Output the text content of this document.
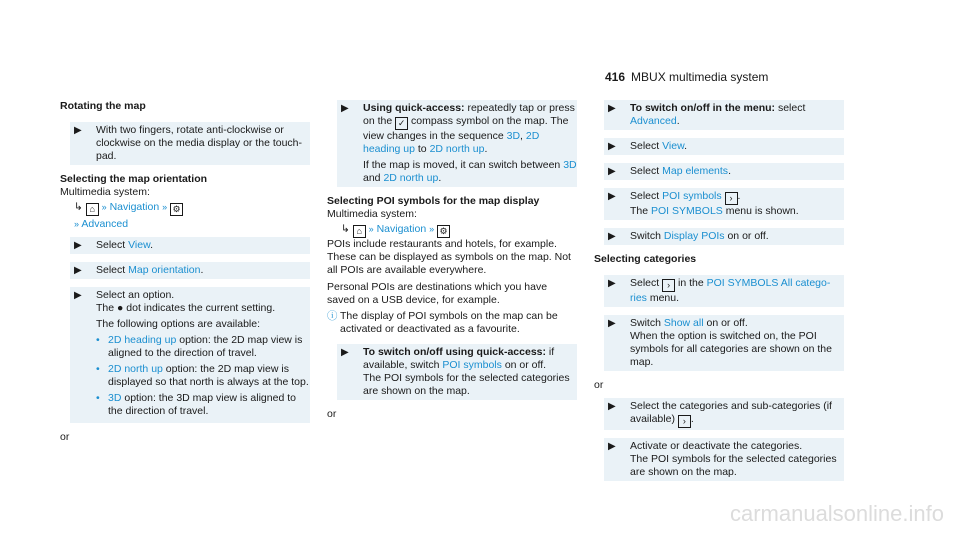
416 MBUX multimedia system

Rotating the map

▶ With two fingers, rotate anti-clockwise or clockwise on the media display or the touch-pad.

Selecting the map orientation

Multimedia system:

↳ ⌂ » Navigation » ⚙

» Advanced

▶ Select View.
▶ Select Map orientation.
▶ Select an option.

The ● dot indicates the current setting.

The following options are available:

• 2D heading up option: the 2D map view is aligned to the direction of travel.
• 2D north up option: the 2D map view is displayed so that north is always at the top.
• 3D option: the 3D map view is aligned to the direction of travel.

or

▶ Using quick-access: repeatedly tap or press on the ✓ compass symbol on the map. The view changes in the sequence 3D, 2D heading up to 2D north up.

If the map is moved, it can switch between 3D and 2D north up.

Selecting POI symbols for the map display

Multimedia system:

↳ ⌂ » Navigation » ⚙

POIs include restaurants and hotels, for example. These can be displayed as symbols on the map. Not all POIs are available everywhere.

Personal POIs are destinations which you have saved on a USB device, for example.

ⓘ The display of POI symbols on the map can be activated or deactivated as a favourite.
▶ To switch on/off using quick-access: if available, switch POI symbols on or off.

The POI symbols for the selected categories are shown on the map.

or

▶ To switch on/off in the menu: select Advanced.
▶ Select View.
▶ Select Map elements.
▶ Select POI symbols › .

The POI SYMBOLS menu is shown.

▶ Switch Display POIs on or off.

Selecting categories

▶ Select › in the POI SYMBOLS All catego-ries menu.
▶ Switch Show all on or off.

When the option is switched on, the POI symbols for all categories are shown on the map.

or

▶ Select the categories and sub-categories (if available) › .
▶ Activate or deactivate the categories.

The POI symbols for the selected categories are shown on the map.

carmanualsonline.info
